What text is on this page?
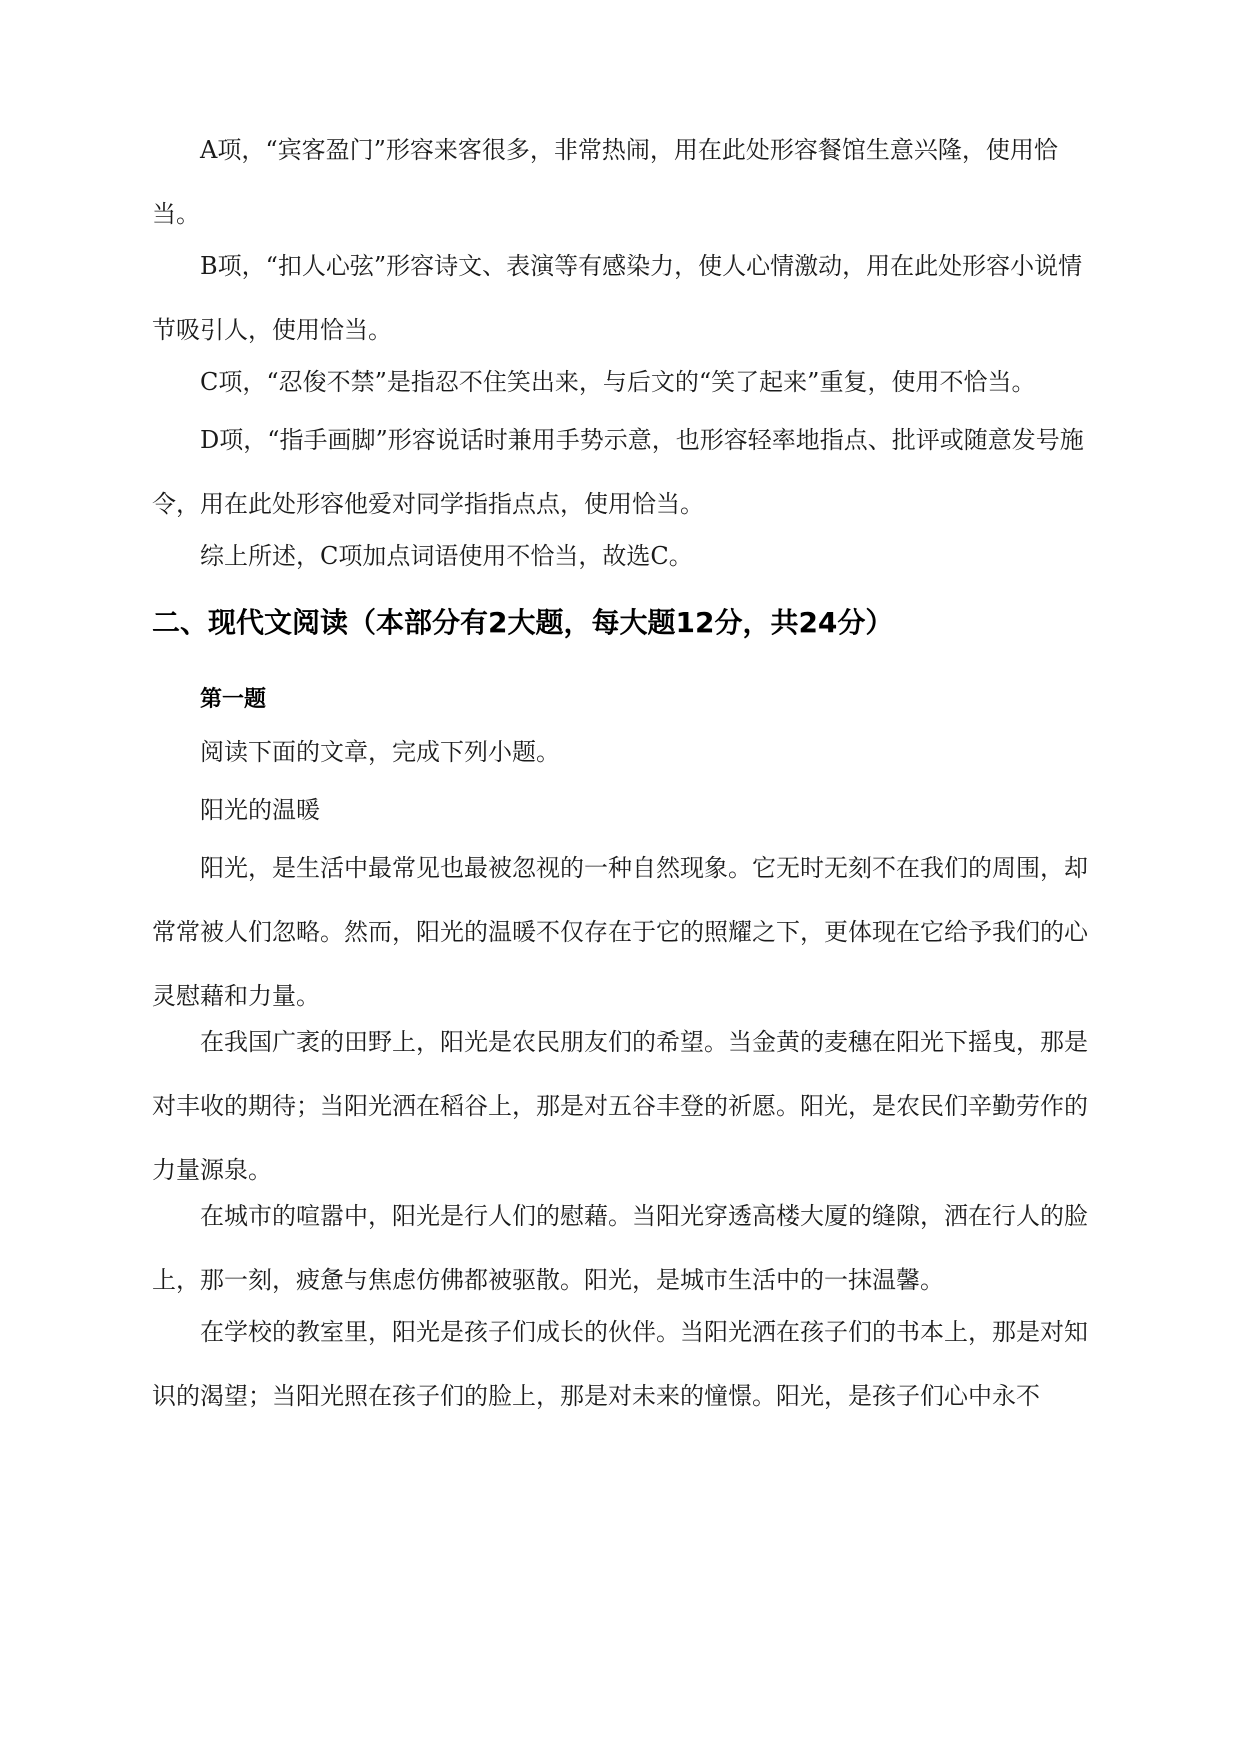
A项，“宾客盈门”形容来客很多，非常热闹，用在此处形容餐馆生意兴隆，使用恰当。

B项，“扣人心弦”形容诗文、表演等有感染力，使人心情激动，用在此处形容小说情节吸引人，使用恰当。

C项，“忍俊不禁”是指忍不住笑出来，与后文的“笑了起来”重复，使用不恰当。

D项，“指手画脚”形容说话时兼用手势示意，也形容轻率地指点、批评或随意发号施令，用在此处形容他爱对同学指指点点，使用恰当。

综上所述，C项加点词语使用不恰当，故选C。

二、现代文阅读（本部分有2大题，每大题12分，共24分）

第一题

阅读下面的文章，完成下列小题。

阳光的温暖

阳光，是生活中最常见也最被忽视的一种自然现象。它无时无刻不在我们的周围，却常常被人们忽略。然而，阳光的温暖不仅存在于它的照耀之下，更体现在它给予我们的心灵慰藉和力量。

在我国广袤的田野上，阳光是农民朋友们的希望。当金黄的麦穗在阳光下摇曳，那是对丰收的期待；当阳光洒在稻谷上，那是对五谷丰登的祈愿。阳光，是农民们辛勤劳作的力量源泉。

在城市的喧嚣中，阳光是行人们的慰藉。当阳光穿透高楼大厦的缝隙，洒在行人的脸上，那一刻，疲惫与焦虑仿佛都被驱散。阳光，是城市生活中的一抹温馨。

在学校的教室里，阳光是孩子们成长的伙伴。当阳光洒在孩子们的书本上，那是对知识的渴望；当阳光照在孩子们的脸上，那是对未来的憧憬。阳光，是孩子们心中永不
